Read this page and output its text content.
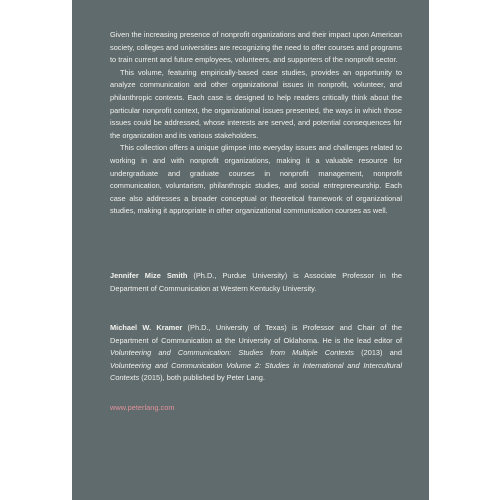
Given the increasing presence of nonprofit organizations and their impact upon American society, colleges and universities are recognizing the need to offer courses and programs to train current and future employees, volunteers, and supporters of the nonprofit sector.

This volume, featuring empirically-based case studies, provides an opportunity to analyze communication and other organizational issues in nonprofit, volunteer, and philanthropic contexts. Each case is designed to help readers critically think about the particular nonprofit context, the organizational issues presented, the ways in which those issues could be addressed, whose interests are served, and potential consequences for the organization and its various stakeholders.

This collection offers a unique glimpse into everyday issues and challenges related to working in and with nonprofit organizations, making it a valuable resource for undergraduate and graduate courses in nonprofit management, nonprofit communication, voluntarism, philanthropic studies, and social entrepreneurship. Each case also addresses a broader conceptual or theoretical framework of organizational studies, making it appropriate in other organizational communication courses as well.

Jennifer Mize Smith (Ph.D., Purdue University) is Associate Professor in the Department of Communication at Western Kentucky University.

Michael W. Kramer (Ph.D., University of Texas) is Professor and Chair of the Department of Communication at the University of Oklahoma. He is the lead editor of Volunteering and Communication: Studies from Multiple Contexts (2013) and Volunteering and Communication Volume 2: Studies in International and Intercultural Contexts (2015), both published by Peter Lang.

www.peterlang.com
